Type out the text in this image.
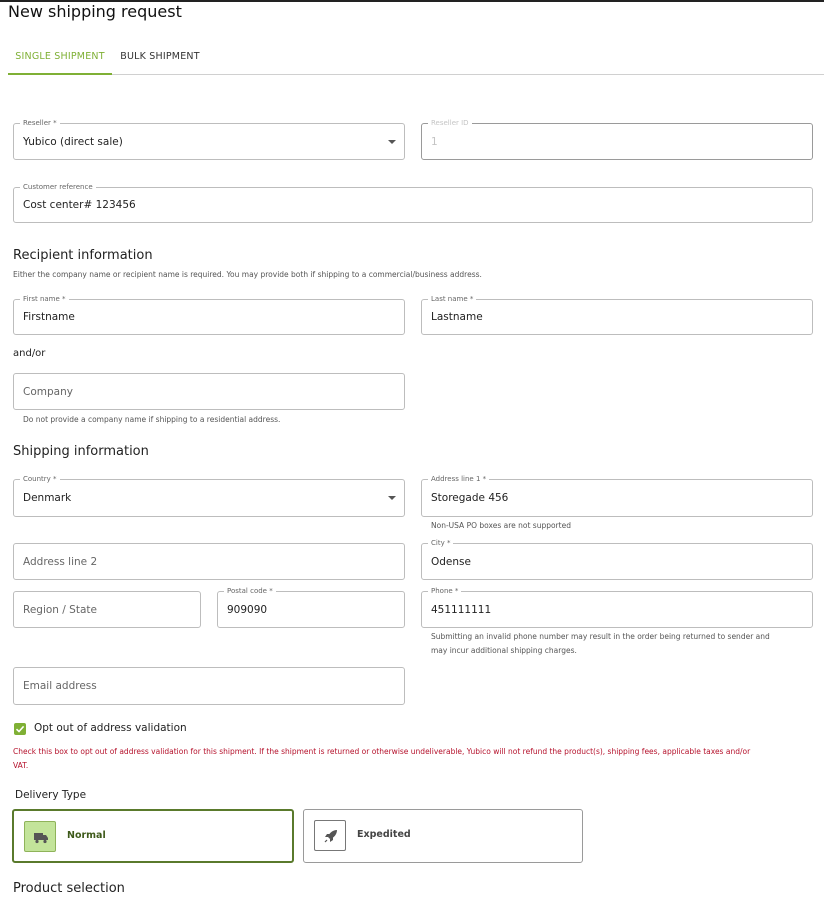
New shipping request
SINGLE SHIPMENT	BULK SHIPMENT
Reseller *
Yubico (direct sale)
Reseller ID
1
Customer reference
Cost center# 123456
Recipient information
Either the company name or recipient name is required. You may provide both if shipping to a commercial/business address.
First name *
Firstname
Last name *
Lastname
and/or
Company
Do not provide a company name if shipping to a residential address.
Shipping information
Country *
Denmark
Address line 1 *
Storegade 456
Non-USA PO boxes are not supported
Address line 2
City *
Odense
Region / State
Postal code *
909090
Phone *
451111111
Submitting an invalid phone number may result in the order being returned to sender and
may incur additional shipping charges.
Email address
Opt out of address validation
Check this box to opt out of address validation for this shipment. If the shipment is returned or otherwise undeliverable, Yubico will not refund the product(s), shipping fees, applicable taxes and/or
VAT.
Delivery Type
Normal	Expedited
Product selection
